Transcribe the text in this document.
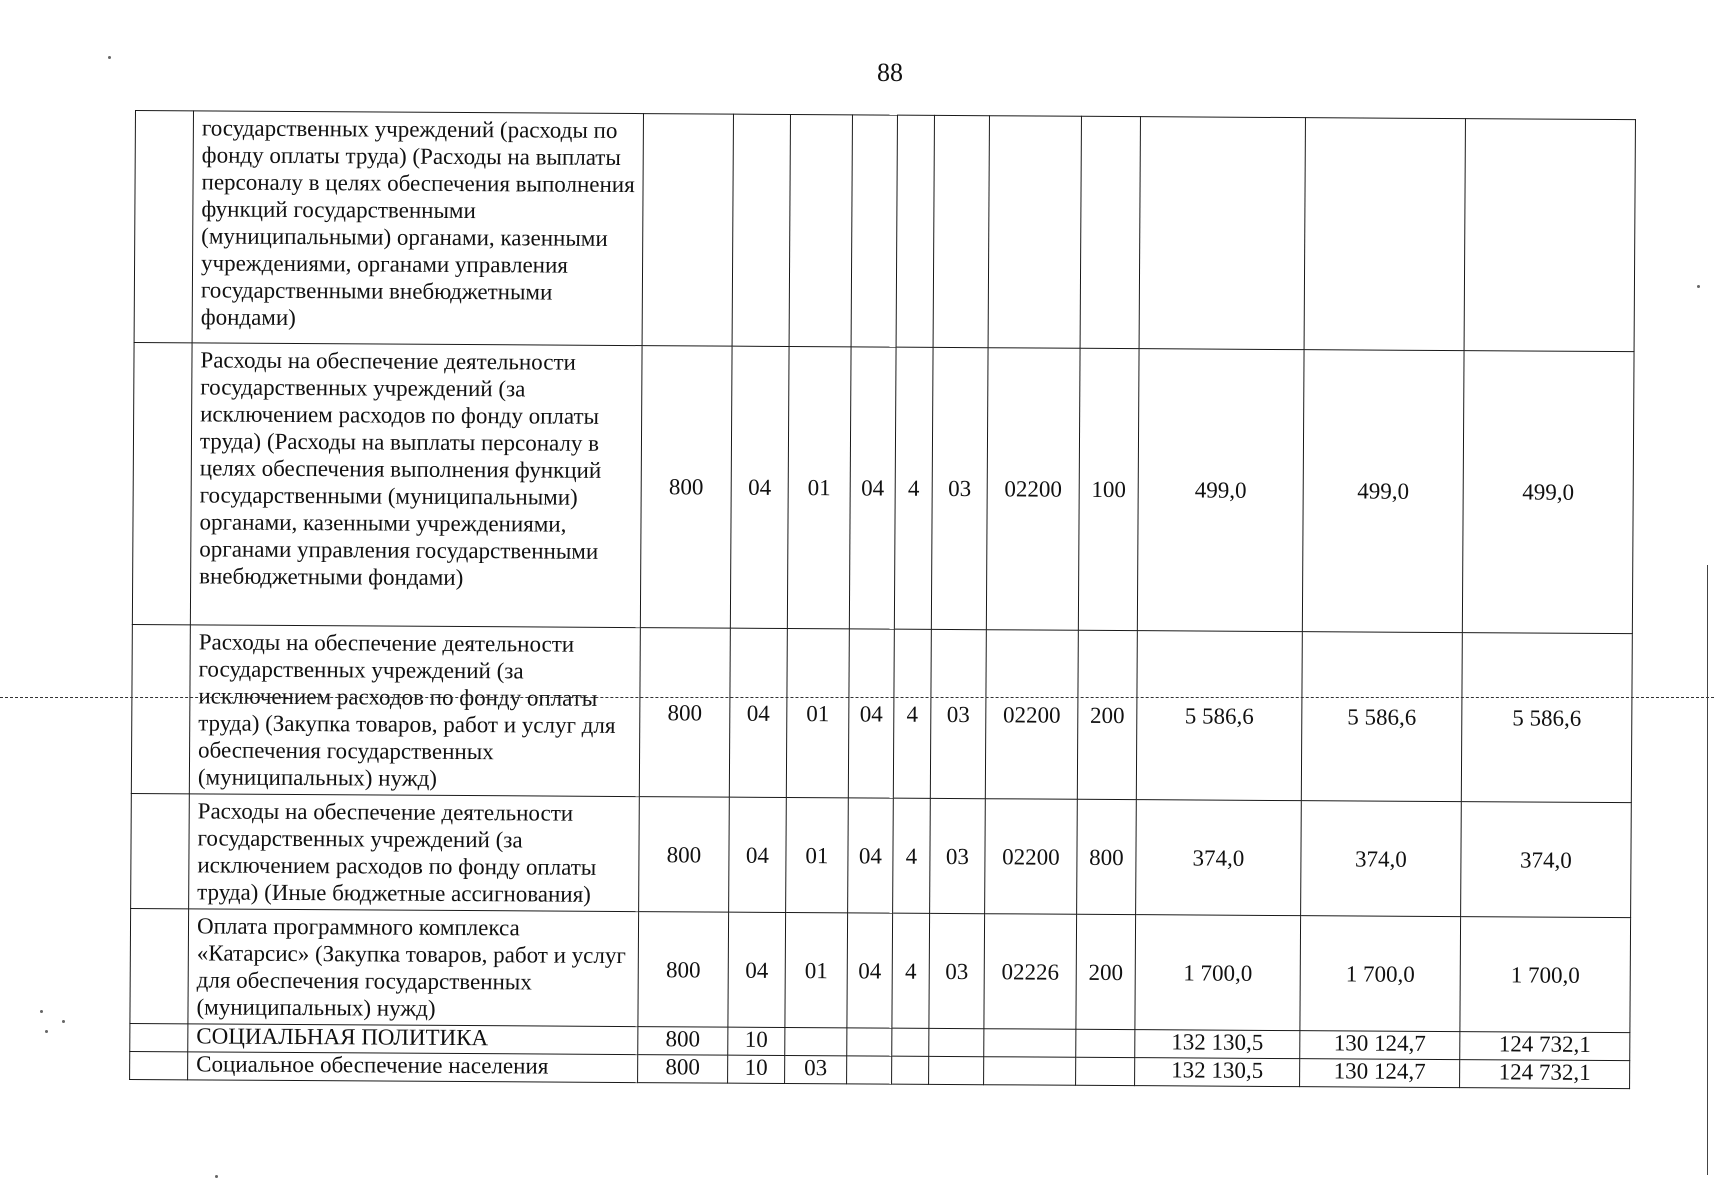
88
	государственных учреждений (расходы по фонду оплаты труда) (Расходы на выплаты персоналу в целях обеспечения выполнения функций государственными (муниципальными) органами, казенными учреждениями, органами управления государственными внебюджетными фондами)											
	Расходы на обеспечение деятельности государственных учреждений (за исключением расходов по фонду оплаты труда) (Расходы на выплаты персоналу в целях обеспечения выполнения функций государственными (муниципальными) органами, казенными учреждениями, органами управления государственными внебюджетными фондами)	800	04	01	04	4	03	02200	100	499,0	499,0	499,0
	Расходы на обеспечение деятельности государственных учреждений (за исключением расходов по фонду оплаты труда) (Закупка товаров, работ и услуг для обеспечения государственных (муниципальных) нужд)	800	04	01	04	4	03	02200	200	5 586,6	5 586,6	5 586,6
	Расходы на обеспечение деятельности государственных учреждений (за исключением расходов по фонду оплаты труда) (Иные бюджетные ассигнования)	800	04	01	04	4	03	02200	800	374,0	374,0	374,0
	Оплата программного комплекса «Катарсис» (Закупка товаров, работ и услуг для обеспечения государственных (муниципальных) нужд)	800	04	01	04	4	03	02226	200	1 700,0	1 700,0	1 700,0
	СОЦИАЛЬНАЯ ПОЛИТИКА	800	10							132 130,5	130 124,7	124 732,1
	Социальное обеспечение населения	800	10	03						132 130,5	130 124,7	124 732,1
